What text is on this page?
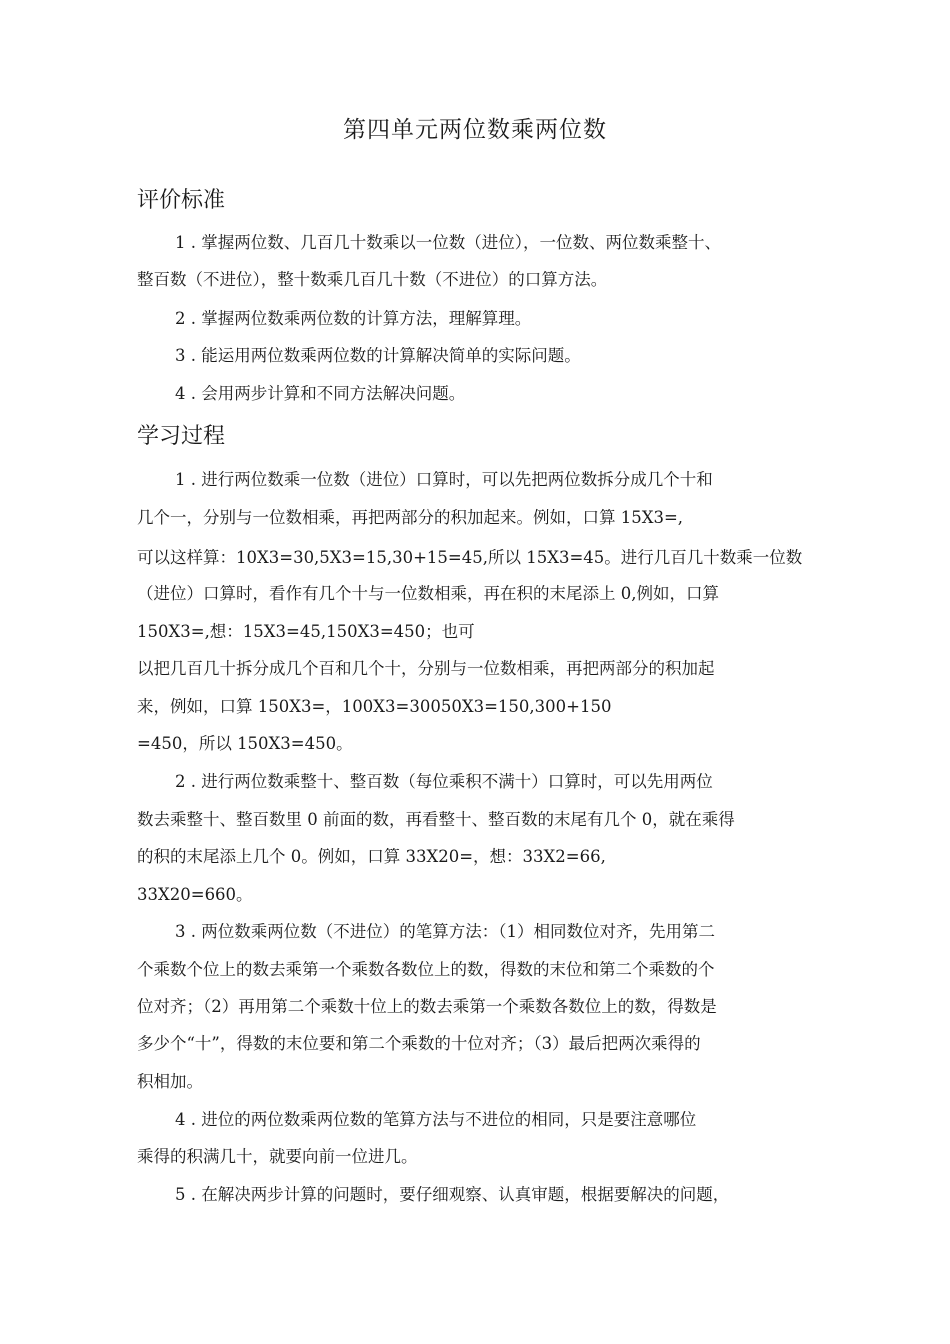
第四单元两位数乘两位数
评价标准
1 . 掌握两位数、几百几十数乘以一位数（进位），一位数、两位数乘整十、
整百数（不进位），整十数乘几百几十数（不进位）的口算方法。
2 . 掌握两位数乘两位数的计算方法，理解算理。
3 . 能运用两位数乘两位数的计算解决简单的实际问题。
4 . 会用两步计算和不同方法解决问题。
学习过程
1 . 进行两位数乘一位数（进位）口算时，可以先把两位数拆分成几个十和
几个一，分别与一位数相乘，再把两部分的积加起来。例如，口算 15X3=,
可以这样算：10X3=30,5X3=15,30+15=45,所以 15X3=45。进行几百几十数乘一位数
（进位）口算时，看作有几个十与一位数相乘，再在积的末尾添上 0,例如，口算
150X3=,想：15X3=45,150X3=450；也可
以把几百几十拆分成几个百和几个十，分别与一位数相乘，再把两部分的积加起
来，例如，口算 150X3=，100X3=30050X3=150,300+150
=450，所以 150X3=450。
2 . 进行两位数乘整十、整百数（每位乘积不满十）口算时，可以先用两位
数去乘整十、整百数里 0 前面的数，再看整十、整百数的末尾有几个 0，就在乘得
的积的末尾添上几个 0。例如，口算 33X20=，想：33X2=66,
33X20=660。
3 . 两位数乘两位数（不进位）的笔算方法：（1）相同数位对齐，先用第二
个乘数个位上的数去乘第一个乘数各数位上的数，得数的末位和第二个乘数的个
位对齐；（2）再用第二个乘数十位上的数去乘第一个乘数各数位上的数，得数是
多少个“十”，得数的末位要和第二个乘数的十位对齐；（3）最后把两次乘得的
积相加。
4 . 进位的两位数乘两位数的笔算方法与不进位的相同，只是要注意哪位
乘得的积满几十，就要向前一位进几。
5 . 在解决两步计算的问题时，要仔细观察、认真审题，根据要解决的问题，
